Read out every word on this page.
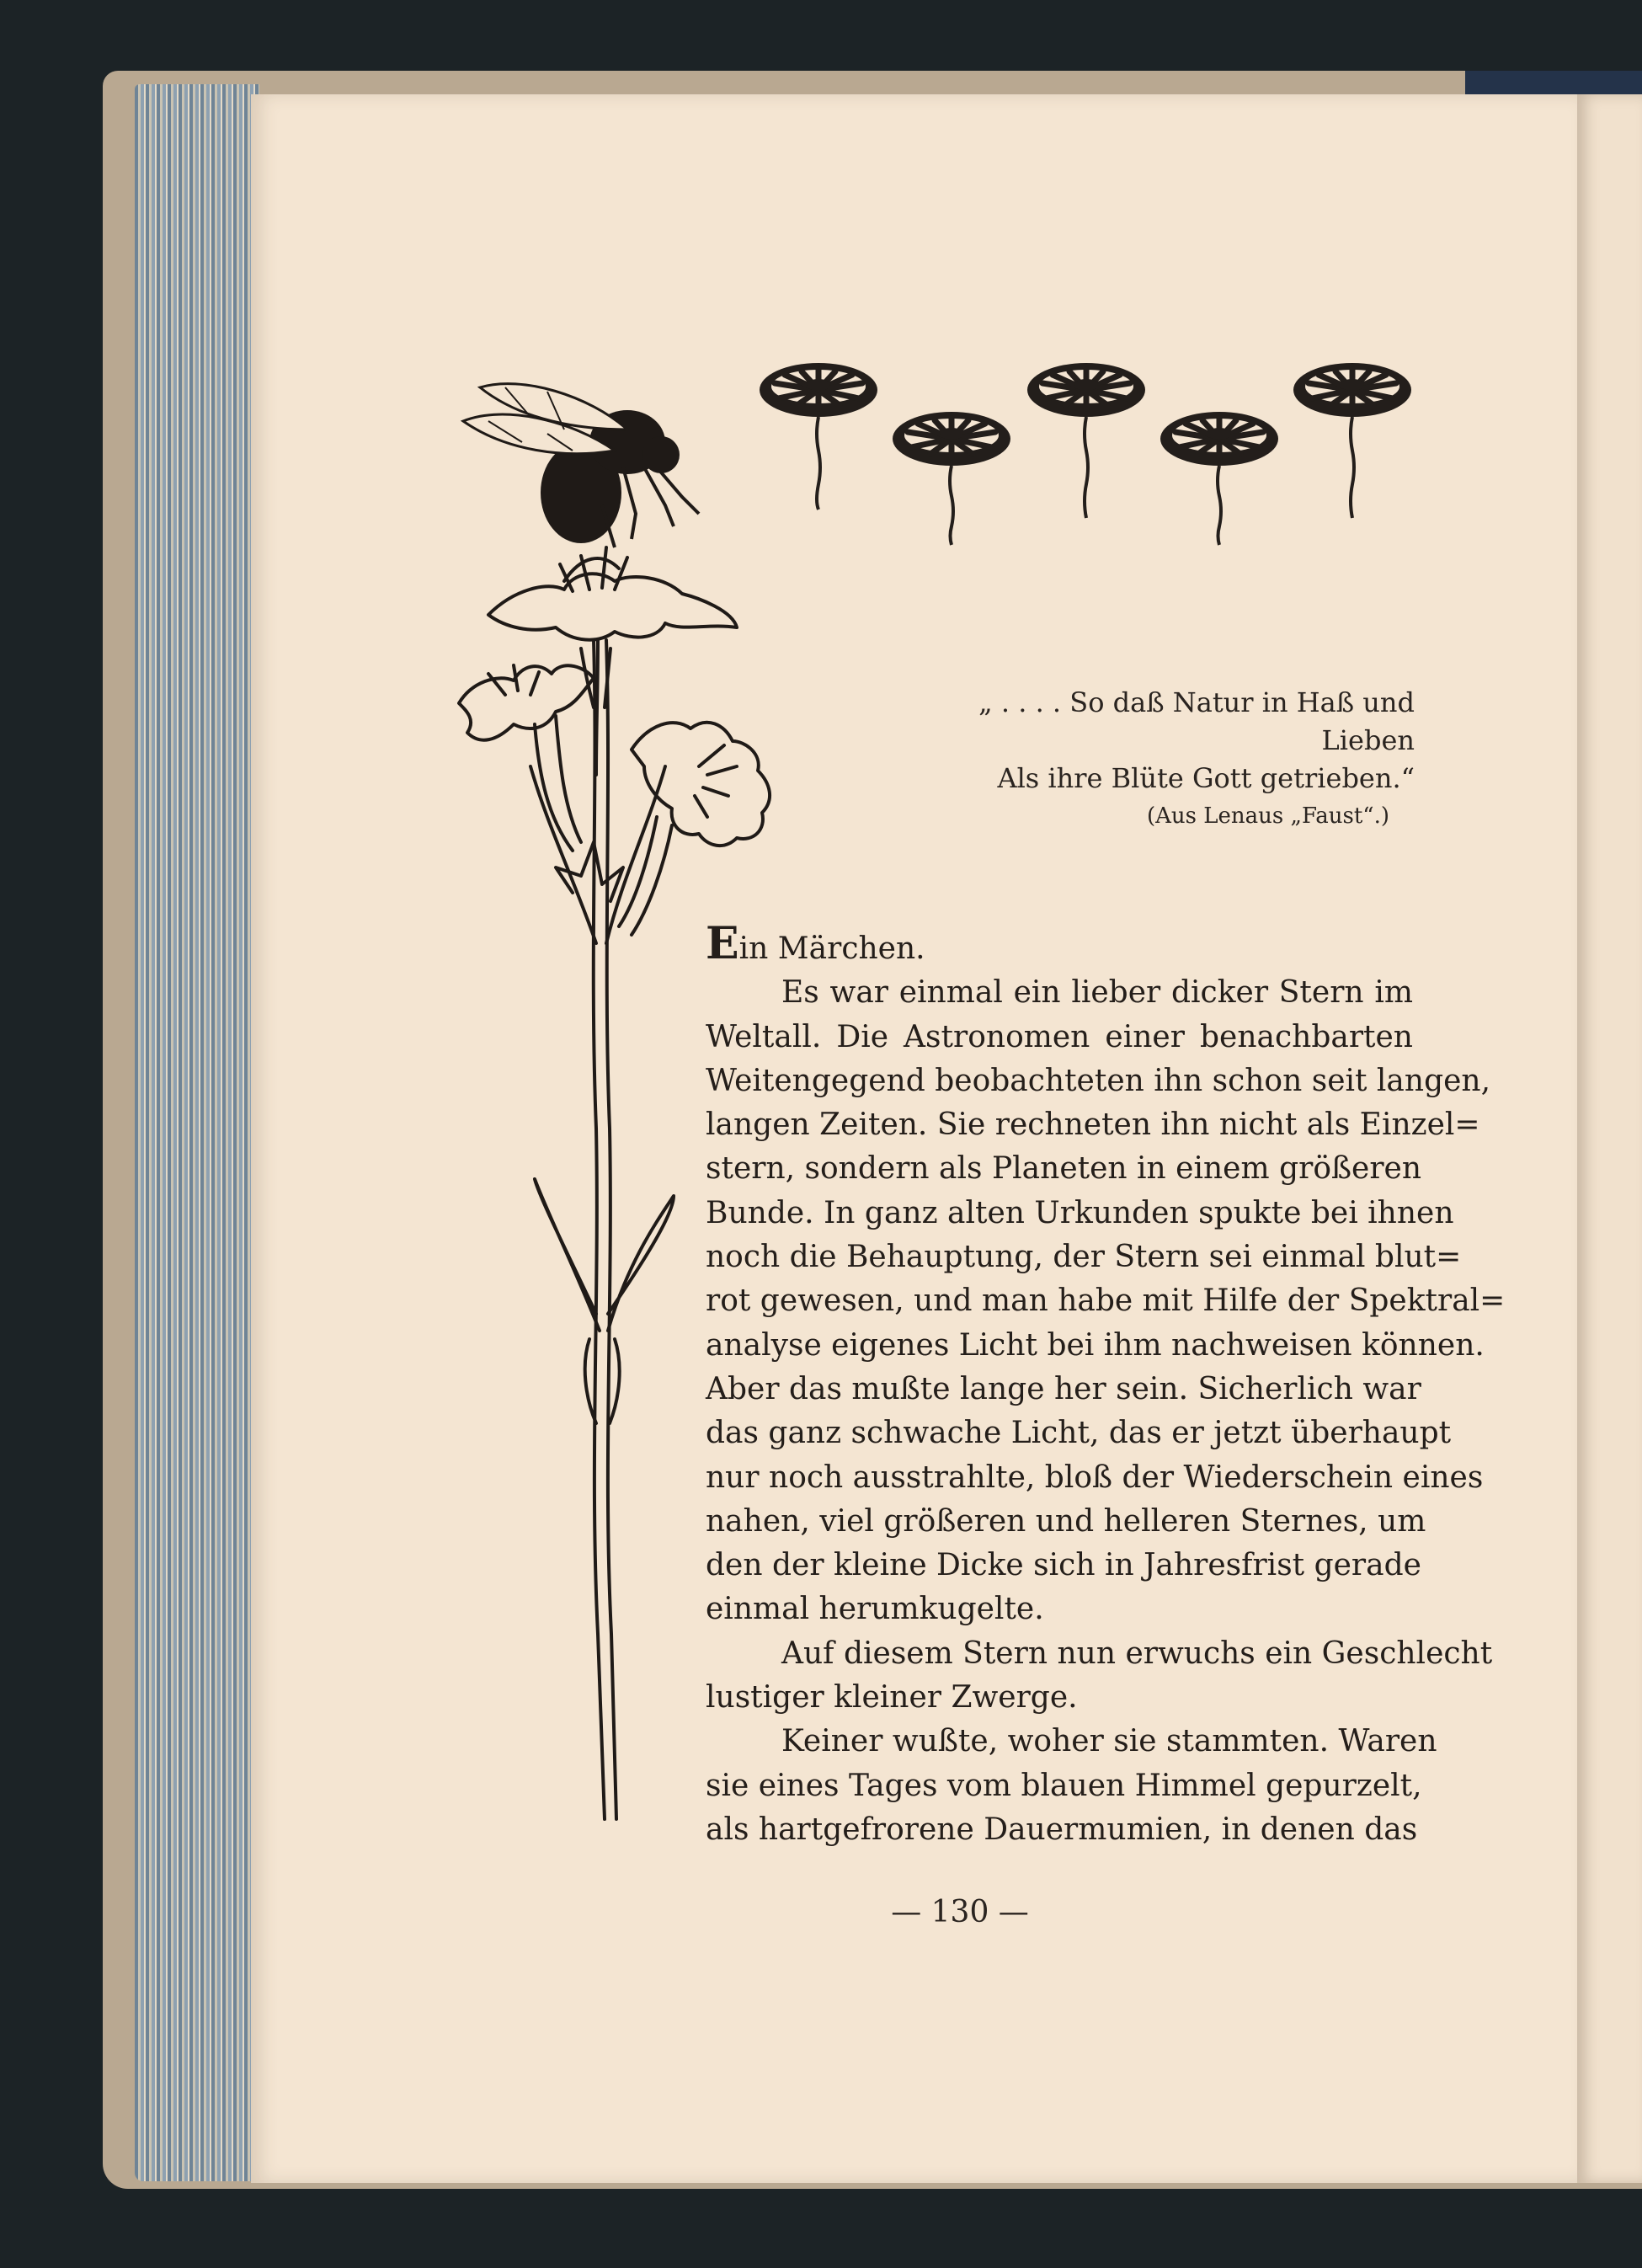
„ . . . . So daß Natur in Haß und
Lieben
Als ihre Blüte Gott getrieben.“
(Aus Lenaus „Faust“.)
Ein Märchen.
Es war einmal ein lieber dicker Stern im
Weltall. Die Astronomen einer benachbarten
Weitengegend beobachteten ihn schon seit langen,
langen Zeiten. Sie rechneten ihn nicht als Einzel=
stern, sondern als Planeten in einem größeren
Bunde. In ganz alten Urkunden spukte bei ihnen
noch die Behauptung, der Stern sei einmal blut=
rot gewesen, und man habe mit Hilfe der Spektral=
analyse eigenes Licht bei ihm nachweisen können.
Aber das mußte lange her sein. Sicherlich war
das ganz schwache Licht, das er jetzt überhaupt
nur noch ausstrahlte, bloß der Wiederschein eines
nahen, viel größeren und helleren Sternes, um
den der kleine Dicke sich in Jahresfrist gerade
einmal herumkugelte.
Auf diesem Stern nun erwuchs ein Geschlecht
lustiger kleiner Zwerge.
Keiner wußte, woher sie stammten. Waren
sie eines Tages vom blauen Himmel gepurzelt,
als hartgefrorene Dauermumien, in denen das
— 130 —
